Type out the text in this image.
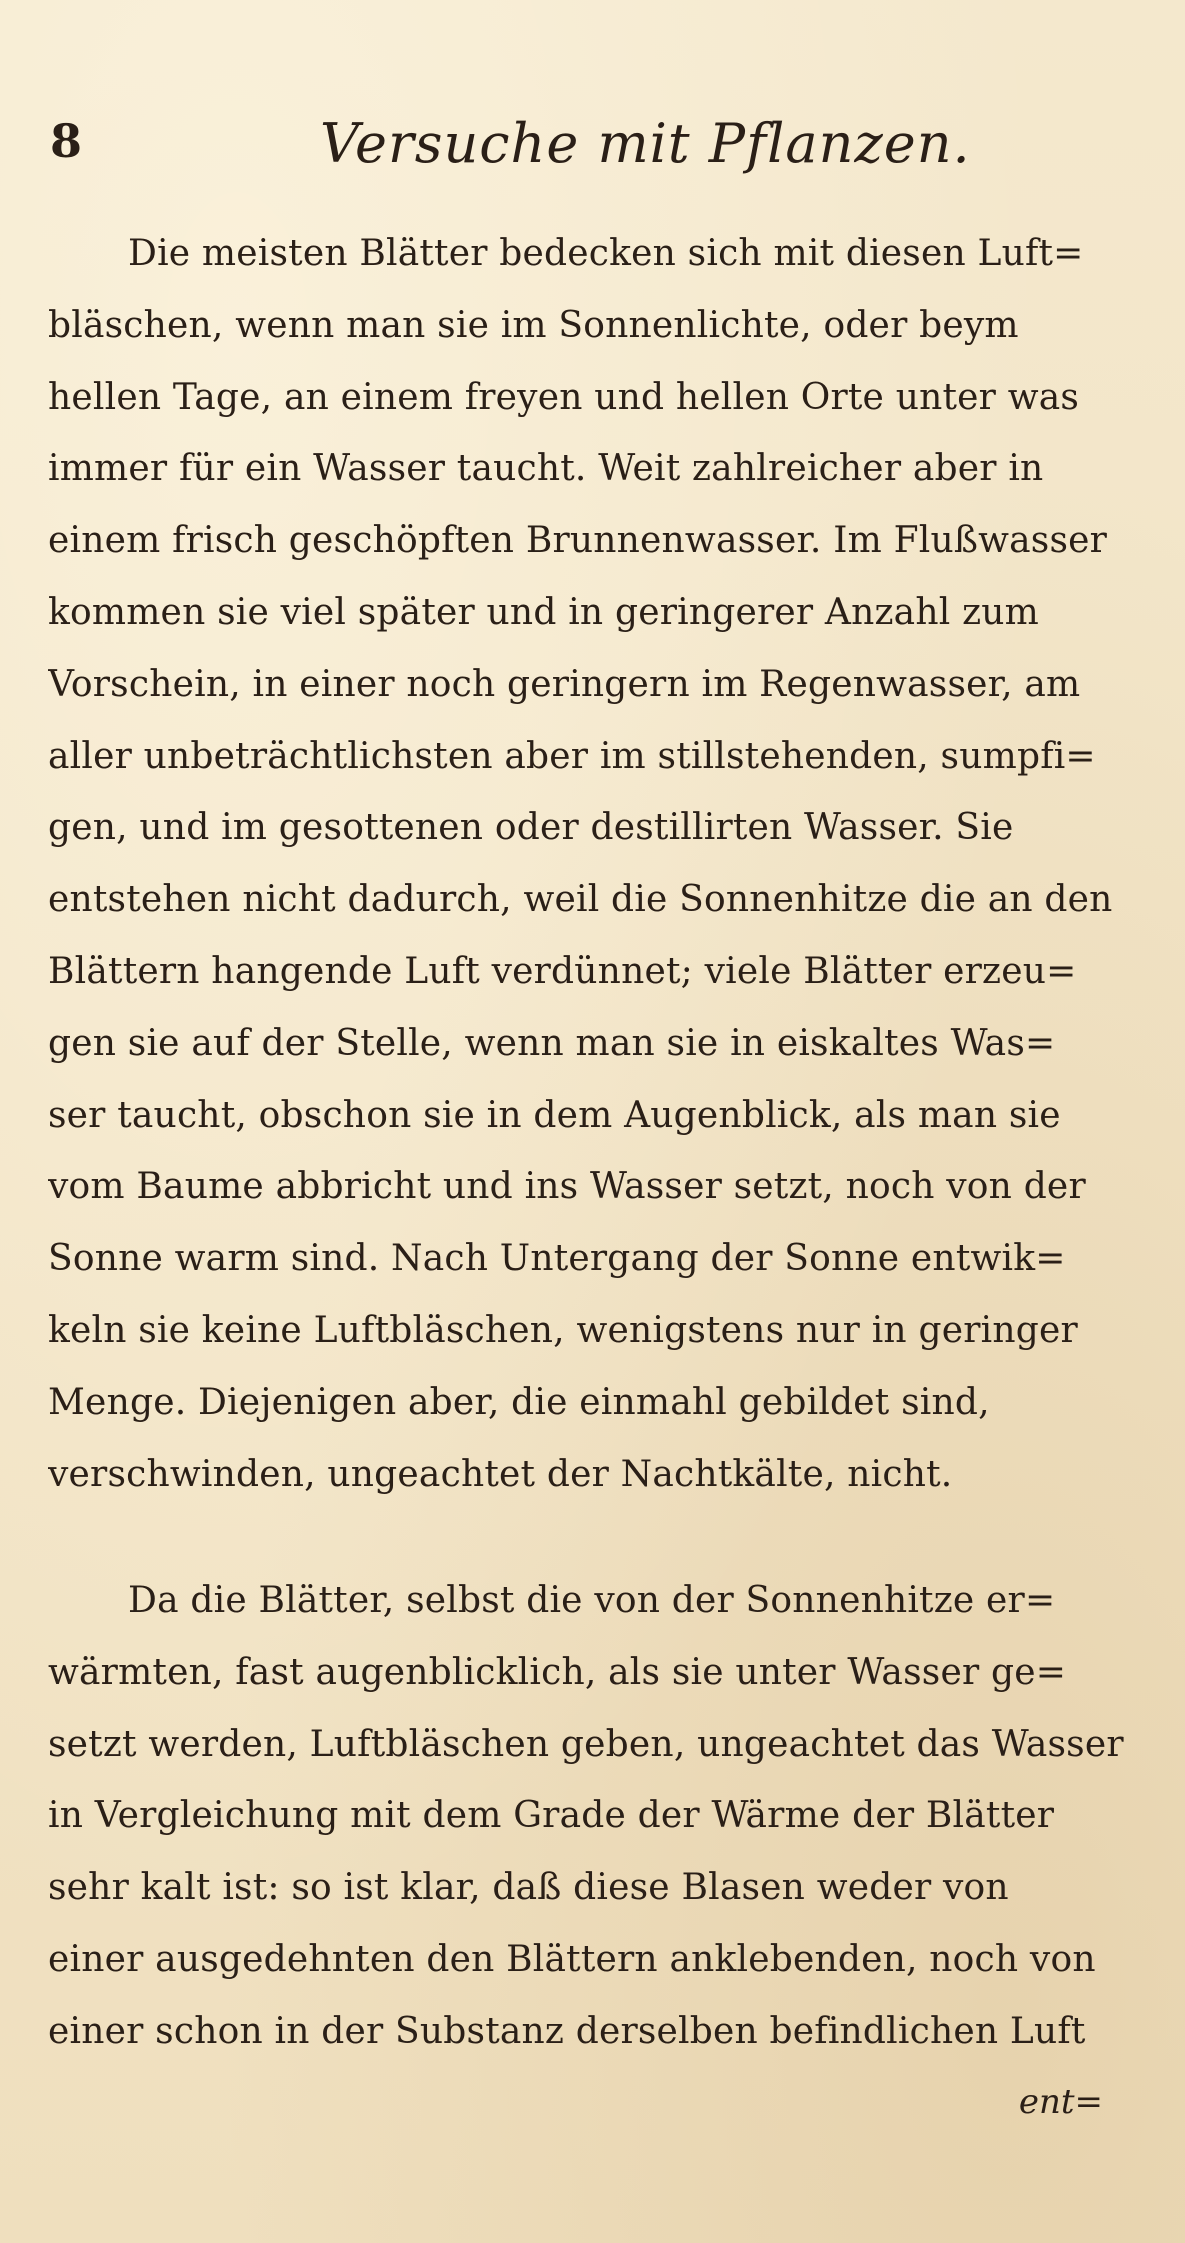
8	Versuche mit Pflanzen.
Die meisten Blätter bedecken sich mit diesen Luft=
bläschen, wenn man sie im Sonnenlichte, oder beym
hellen Tage, an einem freyen und hellen Orte unter was
immer für ein Wasser taucht. Weit zahlreicher aber in
einem frisch geschöpften Brunnenwasser. Im Flußwasser
kommen sie viel später und in geringerer Anzahl zum
Vorschein, in einer noch geringern im Regenwasser, am
aller unbeträchtlichsten aber im stillstehenden, sumpfi=
gen, und im gesottenen oder destillirten Wasser. Sie
entstehen nicht dadurch, weil die Sonnenhitze die an den
Blättern hangende Luft verdünnet; viele Blätter erzeu=
gen sie auf der Stelle, wenn man sie in eiskaltes Was=
ser taucht, obschon sie in dem Augenblick, als man sie
vom Baume abbricht und ins Wasser setzt, noch von der
Sonne warm sind. Nach Untergang der Sonne entwik=
keln sie keine Luftbläschen, wenigstens nur in geringer
Menge. Diejenigen aber, die einmahl gebildet sind,
verschwinden, ungeachtet der Nachtkälte, nicht.
Da die Blätter, selbst die von der Sonnenhitze er=
wärmten, fast augenblicklich, als sie unter Wasser ge=
setzt werden, Luftbläschen geben, ungeachtet das Wasser
in Vergleichung mit dem Grade der Wärme der Blätter
sehr kalt ist: so ist klar, daß diese Blasen weder von
einer ausgedehnten den Blättern anklebenden, noch von
einer schon in der Substanz derselben befindlichen Luft
ent=
